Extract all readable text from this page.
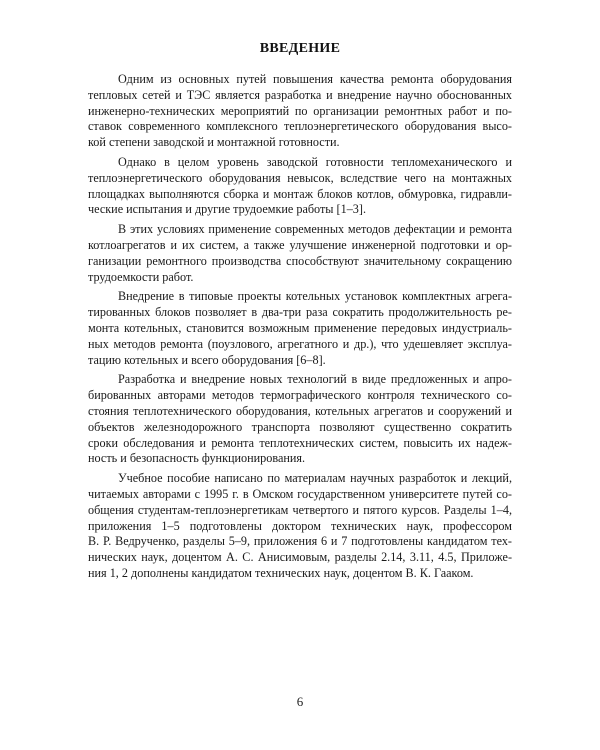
ВВЕДЕНИЕ
Одним из основных путей повышения качества ремонта оборудования
тепловых сетей и ТЭС является разработка и внедрение научно обоснованных
инженерно-технических мероприятий по организации ремонтных работ и по-
ставок современного комплексного теплоэнергетического оборудования высо-
кой степени заводской и монтажной готовности.
Однако в целом уровень заводской готовности тепломеханического и
теплоэнергетического оборудования невысок, вследствие чего на монтажных
площадках выполняются сборка и монтаж блоков котлов, обмуровка, гидравли-
ческие испытания и другие трудоемкие работы [1–3].
В этих условиях применение современных методов дефектации и ремонта
котлоагрегатов и их систем, а также улучшение инженерной подготовки и ор-
ганизации ремонтного производства способствуют значительному сокращению
трудоемкости работ.
Внедрение в типовые проекты котельных установок комплектных агрега-
тированных блоков позволяет в два-три раза сократить продолжительность ре-
монта котельных, становится возможным применение передовых индустриаль-
ных методов ремонта (поузлового, агрегатного и др.), что удешевляет эксплуа-
тацию котельных и всего оборудования [6–8].
Разработка и внедрение новых технологий в виде предложенных и апро-
бированных авторами методов термографического контроля технического со-
стояния теплотехнического оборудования, котельных агрегатов и сооружений и
объектов железнодорожного транспорта позволяют существенно сократить
сроки обследования и ремонта теплотехнических систем, повысить их надеж-
ность и безопасность функционирования.
Учебное пособие написано по материалам научных разработок и лекций,
читаемых авторами с 1995 г. в Омском государственном университете путей со-
общения студентам-теплоэнергетикам четвертого и пятого курсов. Разделы 1–4,
приложения 1–5 подготовлены доктором технических наук, профессором
В. Р. Ведрученко, разделы 5–9, приложения 6 и 7 подготовлены кандидатом тех-
нических наук, доцентом А. С. Анисимовым, разделы 2.14, 3.11, 4.5, Приложе-
ния 1, 2 дополнены кандидатом технических наук, доцентом В. К. Гааком.
6
